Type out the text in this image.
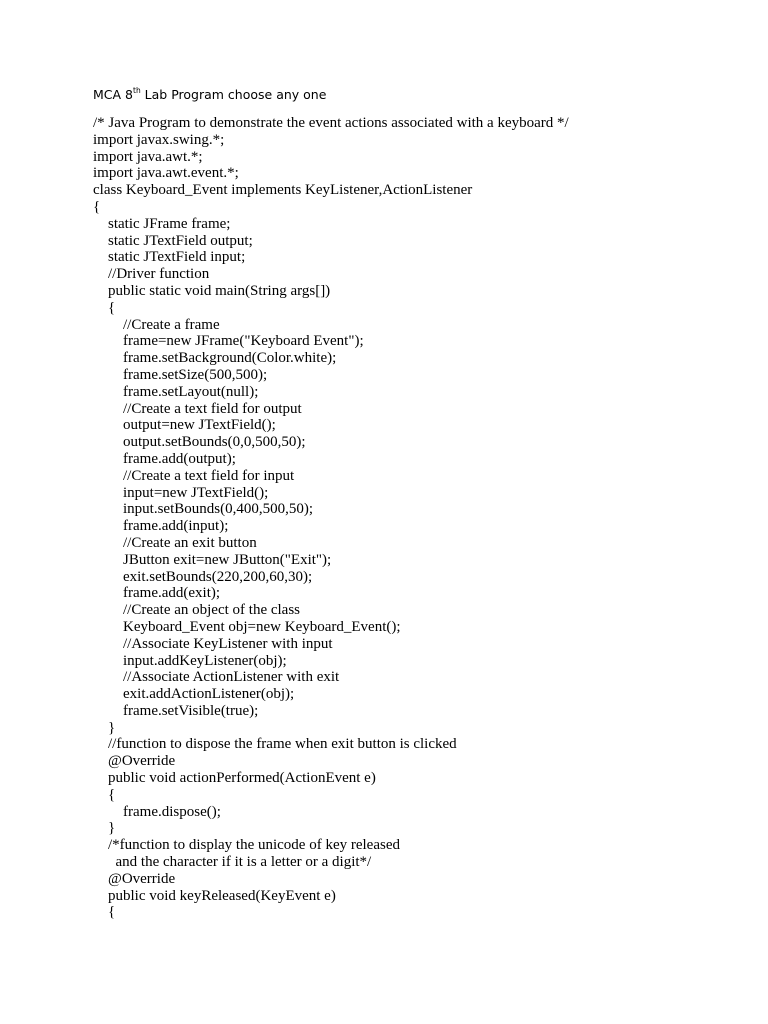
MCA 8th Lab Program choose any one
/* Java Program to demonstrate the event actions associated with a keyboard */
import javax.swing.*;
import java.awt.*;
import java.awt.event.*;
class Keyboard_Event implements KeyListener,ActionListener
{
static JFrame frame;
static JTextField output;
static JTextField input;
//Driver function
public static void main(String args[])
{
//Create a frame
frame=new JFrame("Keyboard Event");
frame.setBackground(Color.white);
frame.setSize(500,500);
frame.setLayout(null);
//Create a text field for output
output=new JTextField();
output.setBounds(0,0,500,50);
frame.add(output);
//Create a text field for input
input=new JTextField();
input.setBounds(0,400,500,50);
frame.add(input);
//Create an exit button
JButton exit=new JButton("Exit");
exit.setBounds(220,200,60,30);
frame.add(exit);
//Create an object of the class
Keyboard_Event obj=new Keyboard_Event();
//Associate KeyListener with input
input.addKeyListener(obj);
//Associate ActionListener with exit
exit.addActionListener(obj);
frame.setVisible(true);
}
//function to dispose the frame when exit button is clicked
@Override
public void actionPerformed(ActionEvent e)
{
frame.dispose();
}
/*function to display the unicode of key released
and the character if it is a letter or a digit*/
@Override
public void keyReleased(KeyEvent e)
{
